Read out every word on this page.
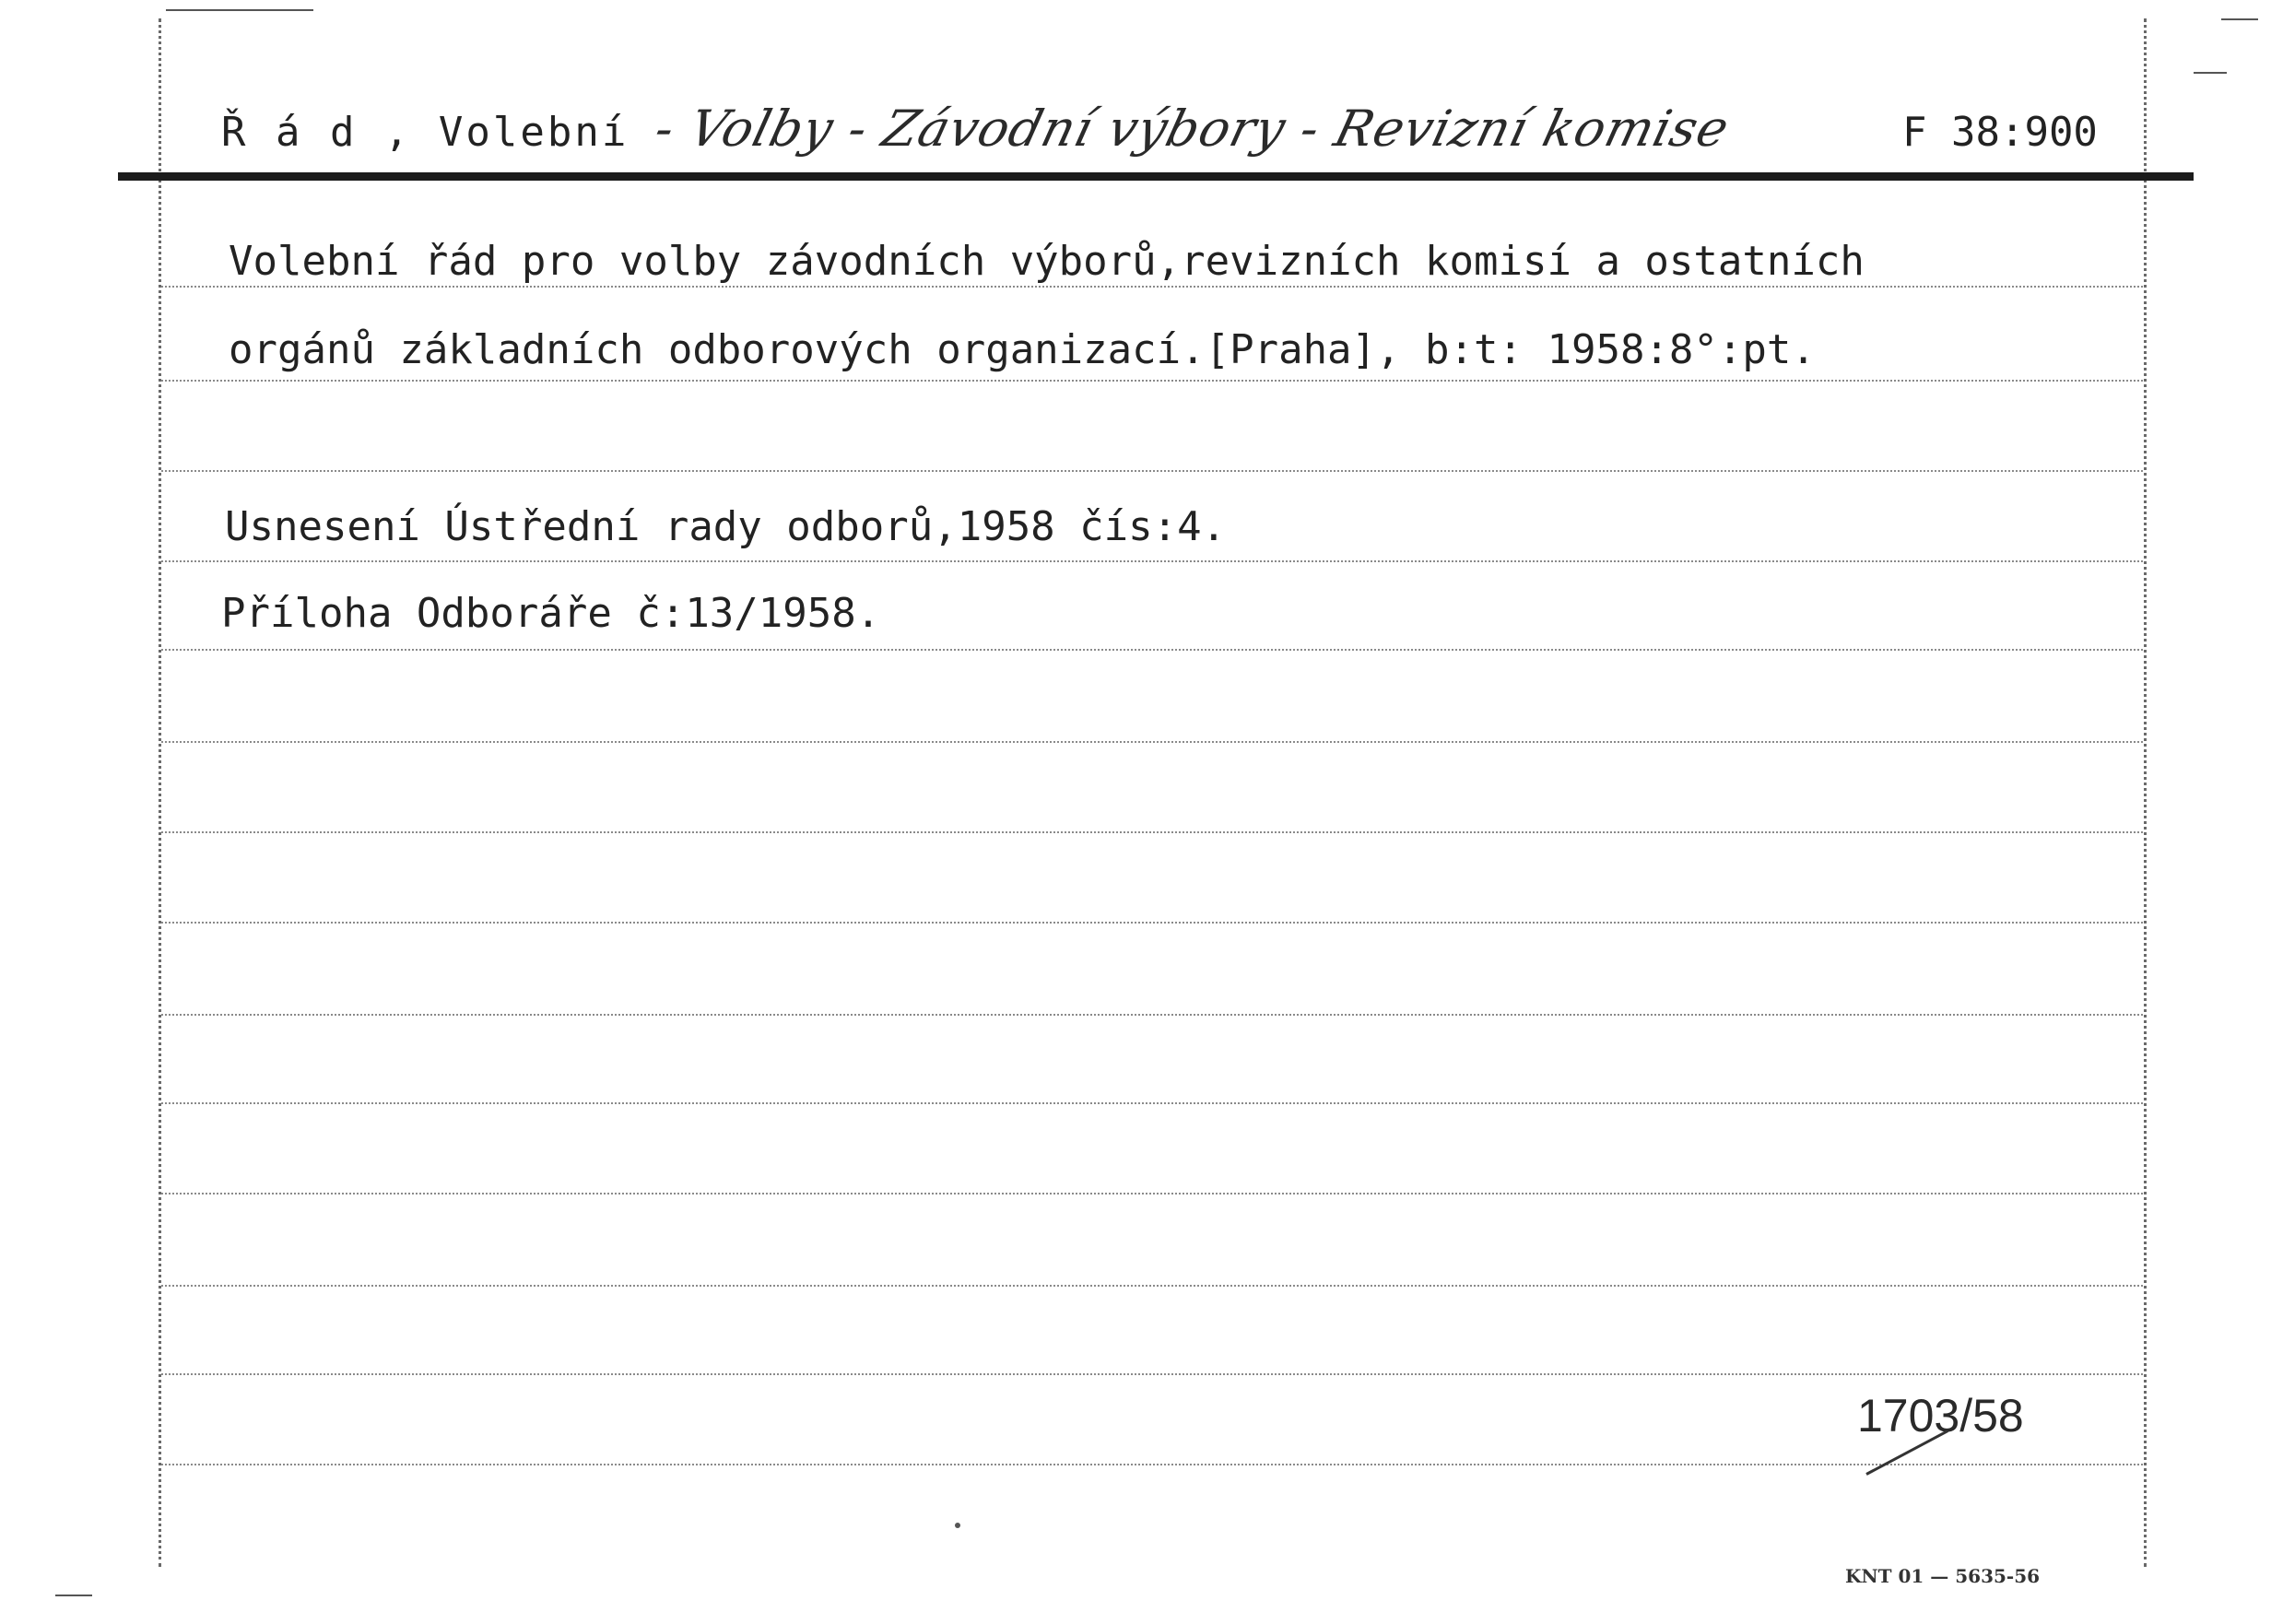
Ř á d , Volební - Volby - Závodní výbory - Revizní komise	F 38:900
Volební řád pro volby závodních výborů,revizních komisí a ostatních
orgánů základních odborových organizací.[Praha], b:t: 1958:8°:pt.
Usnesení Ústřední rady odborů,1958 čís:4.
Příloha Odboráře č:13/1958.
1703/58
KNT 01 — 5635-56
